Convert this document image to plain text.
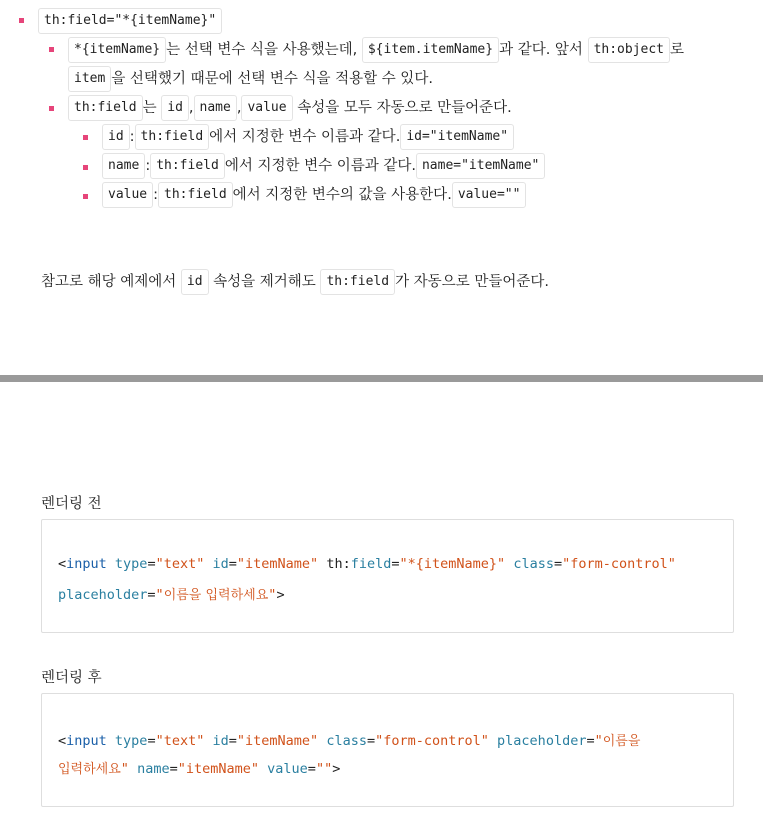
th:field="*{itemName}"
*{itemName} 는 선택 변수 식을 사용했는데, ${item.itemName} 과 같다. 앞서 th:object 로
item 을 선택했기 때문에 선택 변수 식을 적용할 수 있다.
th:field 는 id , name , value 속성을 모두 자동으로 만들어준다.
id : th:field 에서 지정한 변수 이름과 같다. id="itemName"
name : th:field 에서 지정한 변수 이름과 같다. name="itemName"
value : th:field 에서 지정한 변수의 값을 사용한다. value=""
참고로 해당 예제에서 id 속성을 제거해도 th:field 가 자동으로 만들어준다.
렌더링 전
<input type="text" id="itemName" th:field="*{itemName}" class="form-control"
placeholder="이름을 입력하세요">
렌더링 후
<input type="text" id="itemName" class="form-control" placeholder="이름을
입력하세요" name="itemName" value="">
